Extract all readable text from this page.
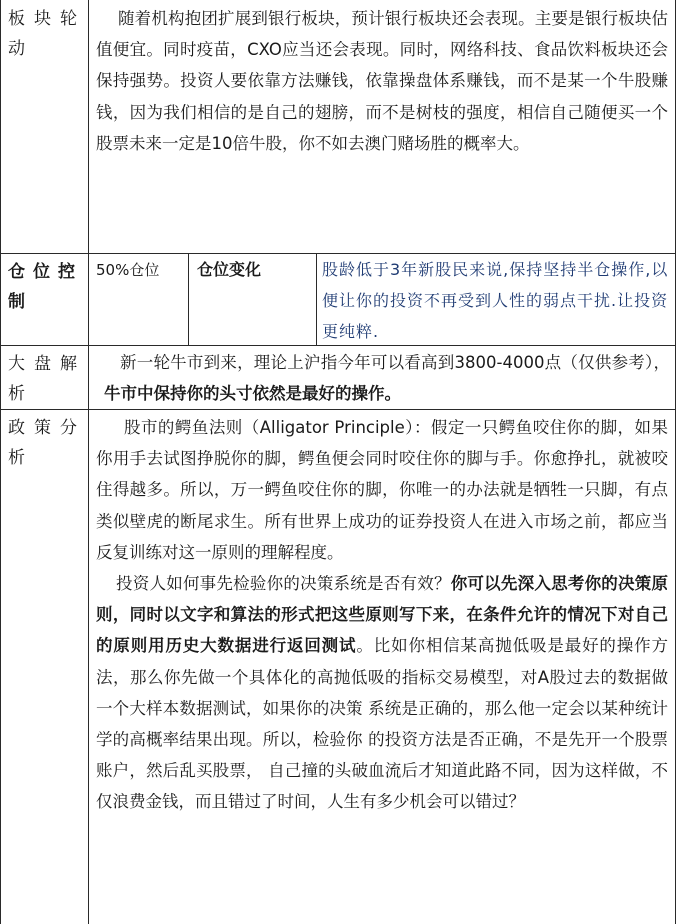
板块轮动
随着机构抱团扩展到银行板块，预计银行板块还会表现。主要是银行板块估值便宜。同时疫苗，CXO应当还会表现。同时，网络科技、食品饮料板块还会保持强势。投资人要依靠方法赚钱，依靠操盘体系赚钱，而不是某一个牛股赚钱，因为我们相信的是自己的翅膀，而不是树枝的强度，相信自己随便买一个股票未来一定是10倍牛股，你不如去澳门赌场胜的概率大。
仓位控制
50%仓位 仓位变化	股龄低于3年新股民来说,保持坚持半仓操作,以便让你的投资不再受到人性的弱点干扰.让投资更纯粹.
大盘解析
新一轮牛市到来，理论上沪指今年可以看高到3800-4000点（仅供参考），牛市中保持你的头寸依然是最好的操作。
政策分析

股市的鳄鱼法则（Alligator Principle）：假定一只鳄鱼咬住你的脚，如果你用手去试图挣脱你的脚，鳄鱼便会同时咬住你的脚与手。你愈挣扎，就被咬住得越多。所以，万一鳄鱼咬住你的脚，你唯一的办法就是牺牲一只脚，有点类似壁虎的断尾求生。所有世界上成功的证券投资人在进入市场之前，都应当反复训练对这一原则的理解程度。

投资人如何事先检验你的决策系统是否有效？你可以先深入思考你的决策原则，同时以文字和算法的形式把这些原则写下来，在条件允许的情况下对自己的原则用历史大数据进行返回测试。比如你相信某高抛低吸是最好的操作方法，那么你先做一个具体化的高抛低吸的指标交易模型，对A股过去的数据做一个大样本数据测试，如果你的决策 系统是正确的，那么他一定会以某种统计学的高概率结果出现。所以，检验你 的投资方法是否正确，不是先开一个股票账户，然后乱买股票， 自己撞的头破血流后才知道此路不同，因为这样做，不仅浪费金钱，而且错过了时间，人生有多少机会可以错过？
